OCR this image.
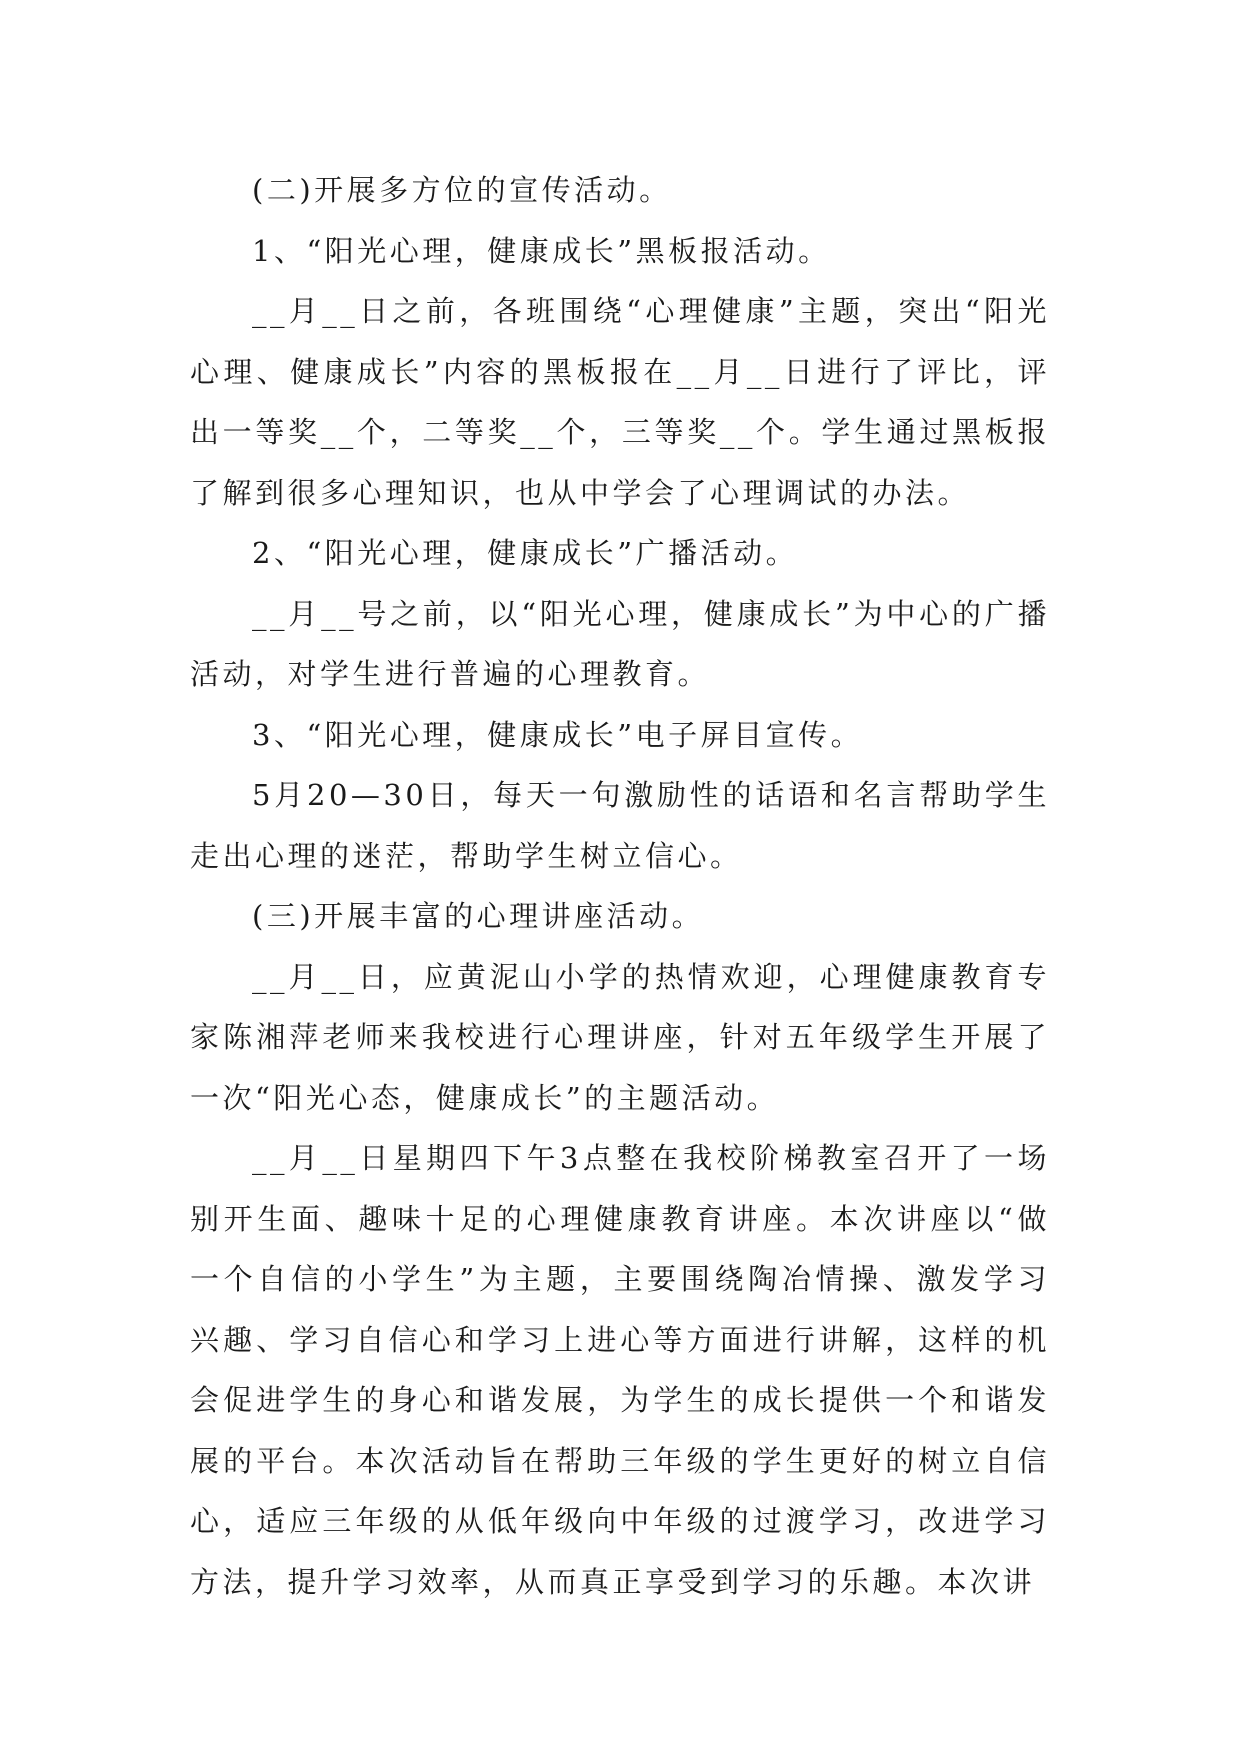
(二)开展多方位的宣传活动。

1、“阳光心理，健康成长”黑板报活动。

__月__日之前，各班围绕“心理健康”主题，突出“阳光心理、健康成长”内容的黑板报在__月__日进行了评比，评出一等奖__个，二等奖__个，三等奖__个。学生通过黑板报了解到很多心理知识，也从中学会了心理调试的办法。

2、“阳光心理，健康成长”广播活动。

__月__号之前，以“阳光心理，健康成长”为中心的广播活动，对学生进行普遍的心理教育。

3、“阳光心理，健康成长”电子屏目宣传。

5月20—30日，每天一句激励性的话语和名言帮助学生走出心理的迷茫，帮助学生树立信心。

(三)开展丰富的心理讲座活动。

__月__日，应黄泥山小学的热情欢迎，心理健康教育专家陈湘萍老师来我校进行心理讲座，针对五年级学生开展了一次“阳光心态，健康成长”的主题活动。

__月__日星期四下午3点整在我校阶梯教室召开了一场别开生面、趣味十足的心理健康教育讲座。本次讲座以“做一个自信的小学生”为主题，主要围绕陶冶情操、激发学习兴趣、学习自信心和学习上进心等方面进行讲解，这样的机会促进学生的身心和谐发展，为学生的成长提供一个和谐发展的平台。本次活动旨在帮助三年级的学生更好的树立自信心，适应三年级的从低年级向中年级的过渡学习，改进学习方法，提升学习效率，从而真正享受到学习的乐趣。本次讲
